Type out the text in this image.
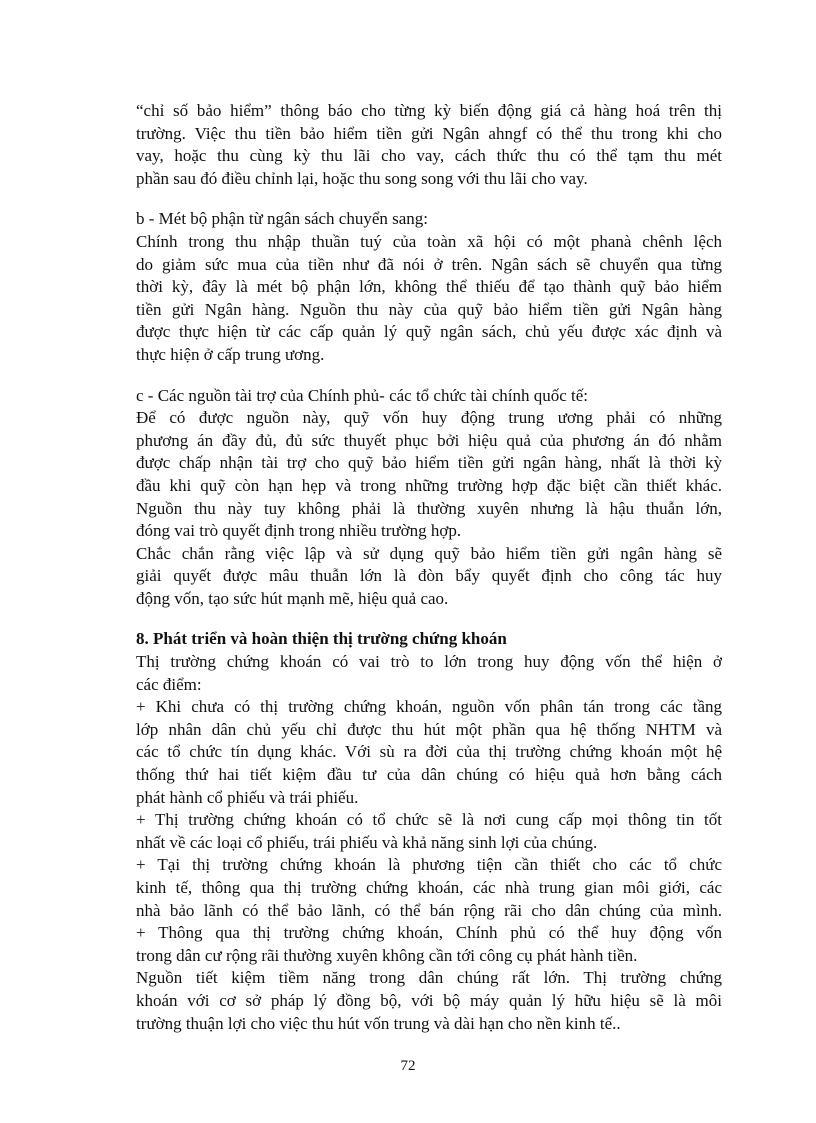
“chỉ số bảo hiểm” thông báo cho từng kỳ biến động giá cả hàng hoá trên thị
trường. Việc thu tiền bảo hiểm tiền gửi Ngân ahngf có thể thu trong khi cho
vay, hoặc thu cùng kỳ thu lãi cho vay, cách thức thu có thể tạm thu mét
phần sau đó điều chỉnh lại, hoặc thu song song với thu lãi cho vay.
b - Mét bộ phận từ ngân sách chuyển sang:
Chính trong thu nhập thuần tuý của toàn xã hội có một phanà chênh lệch
do giảm sức mua của tiền như đã nói ở trên. Ngân sách sẽ chuyển qua từng
thời kỳ, đây là mét bộ phận lớn, không thể thiếu để tạo thành quỹ bảo hiểm
tiền gửi Ngân hàng. Nguồn thu này của quỹ bảo hiểm tiền gửi Ngân hàng
được thực hiện từ các cấp quản lý quỹ ngân sách, chủ yếu được xác định và
thực hiện ở cấp trung ương.
c - Các nguồn tài trợ của Chính phủ- các tổ chức tài chính quốc tế:
Để có được nguồn này, quỹ vốn huy động trung ương phải có những
phương án đầy đủ, đủ sức thuyết phục bởi hiệu quả của phương án đó nhằm
được chấp nhận tài trợ cho quỹ bảo hiểm tiền gửi ngân hàng, nhất là thời kỳ
đầu khi quỹ còn hạn hẹp và trong những trường hợp đặc biệt cần thiết khác.
Nguồn thu này tuy không phải là thường xuyên nhưng là hậu thuẫn lớn,
đóng vai trò quyết định trong nhiều trường hợp.
Chắc chắn rằng việc lập và sử dụng quỹ bảo hiểm tiền gửi ngân hàng sẽ
giải quyết được mâu thuẫn lớn là đòn bẩy quyết định cho công tác huy
động vốn, tạo sức hút mạnh mẽ, hiệu quả cao.
8. Phát triển và hoàn thiện thị trường chứng khoán
Thị trường chứng khoán có vai trò to lớn trong huy động vốn thể hiện ở
các điểm:
+ Khi chưa có thị trường chứng khoán, nguồn vốn phân tán trong các tầng
lớp nhân dân chủ yếu chỉ được thu hút một phần qua hệ thống NHTM và
các tổ chức tín dụng khác. Với sù ra đời của thị trường chứng khoán một hệ
thống thứ hai tiết kiệm đầu tư của dân chúng có hiệu quả hơn bằng cách
phát hành cổ phiếu và trái phiếu.
+ Thị trường chứng khoán có tổ chức sẽ là nơi cung cấp mọi thông tin tốt
nhất về các loại cổ phiếu, trái phiếu và khả năng sinh lợi của chúng.
+ Tại thị trường chứng khoán là phương tiện cần thiết cho các tổ chức
kinh tế, thông qua thị trường chứng khoán, các nhà trung gian môi giới, các
nhà bảo lãnh có thể bảo lãnh, có thể bán rộng rãi cho dân chúng của mình.
+ Thông qua thị trường chứng khoán, Chính phủ có thể huy động vốn
trong dân cư rộng rãi thường xuyên không cần tới công cụ phát hành tiền.
Nguồn tiết kiệm tiềm năng trong dân chúng rất lớn. Thị trường chứng
khoán với cơ sở pháp lý đồng bộ, với bộ máy quản lý hữu hiệu sẽ là môi
trường thuận lợi cho việc thu hút vốn trung và dài hạn cho nền kinh tế..
72
